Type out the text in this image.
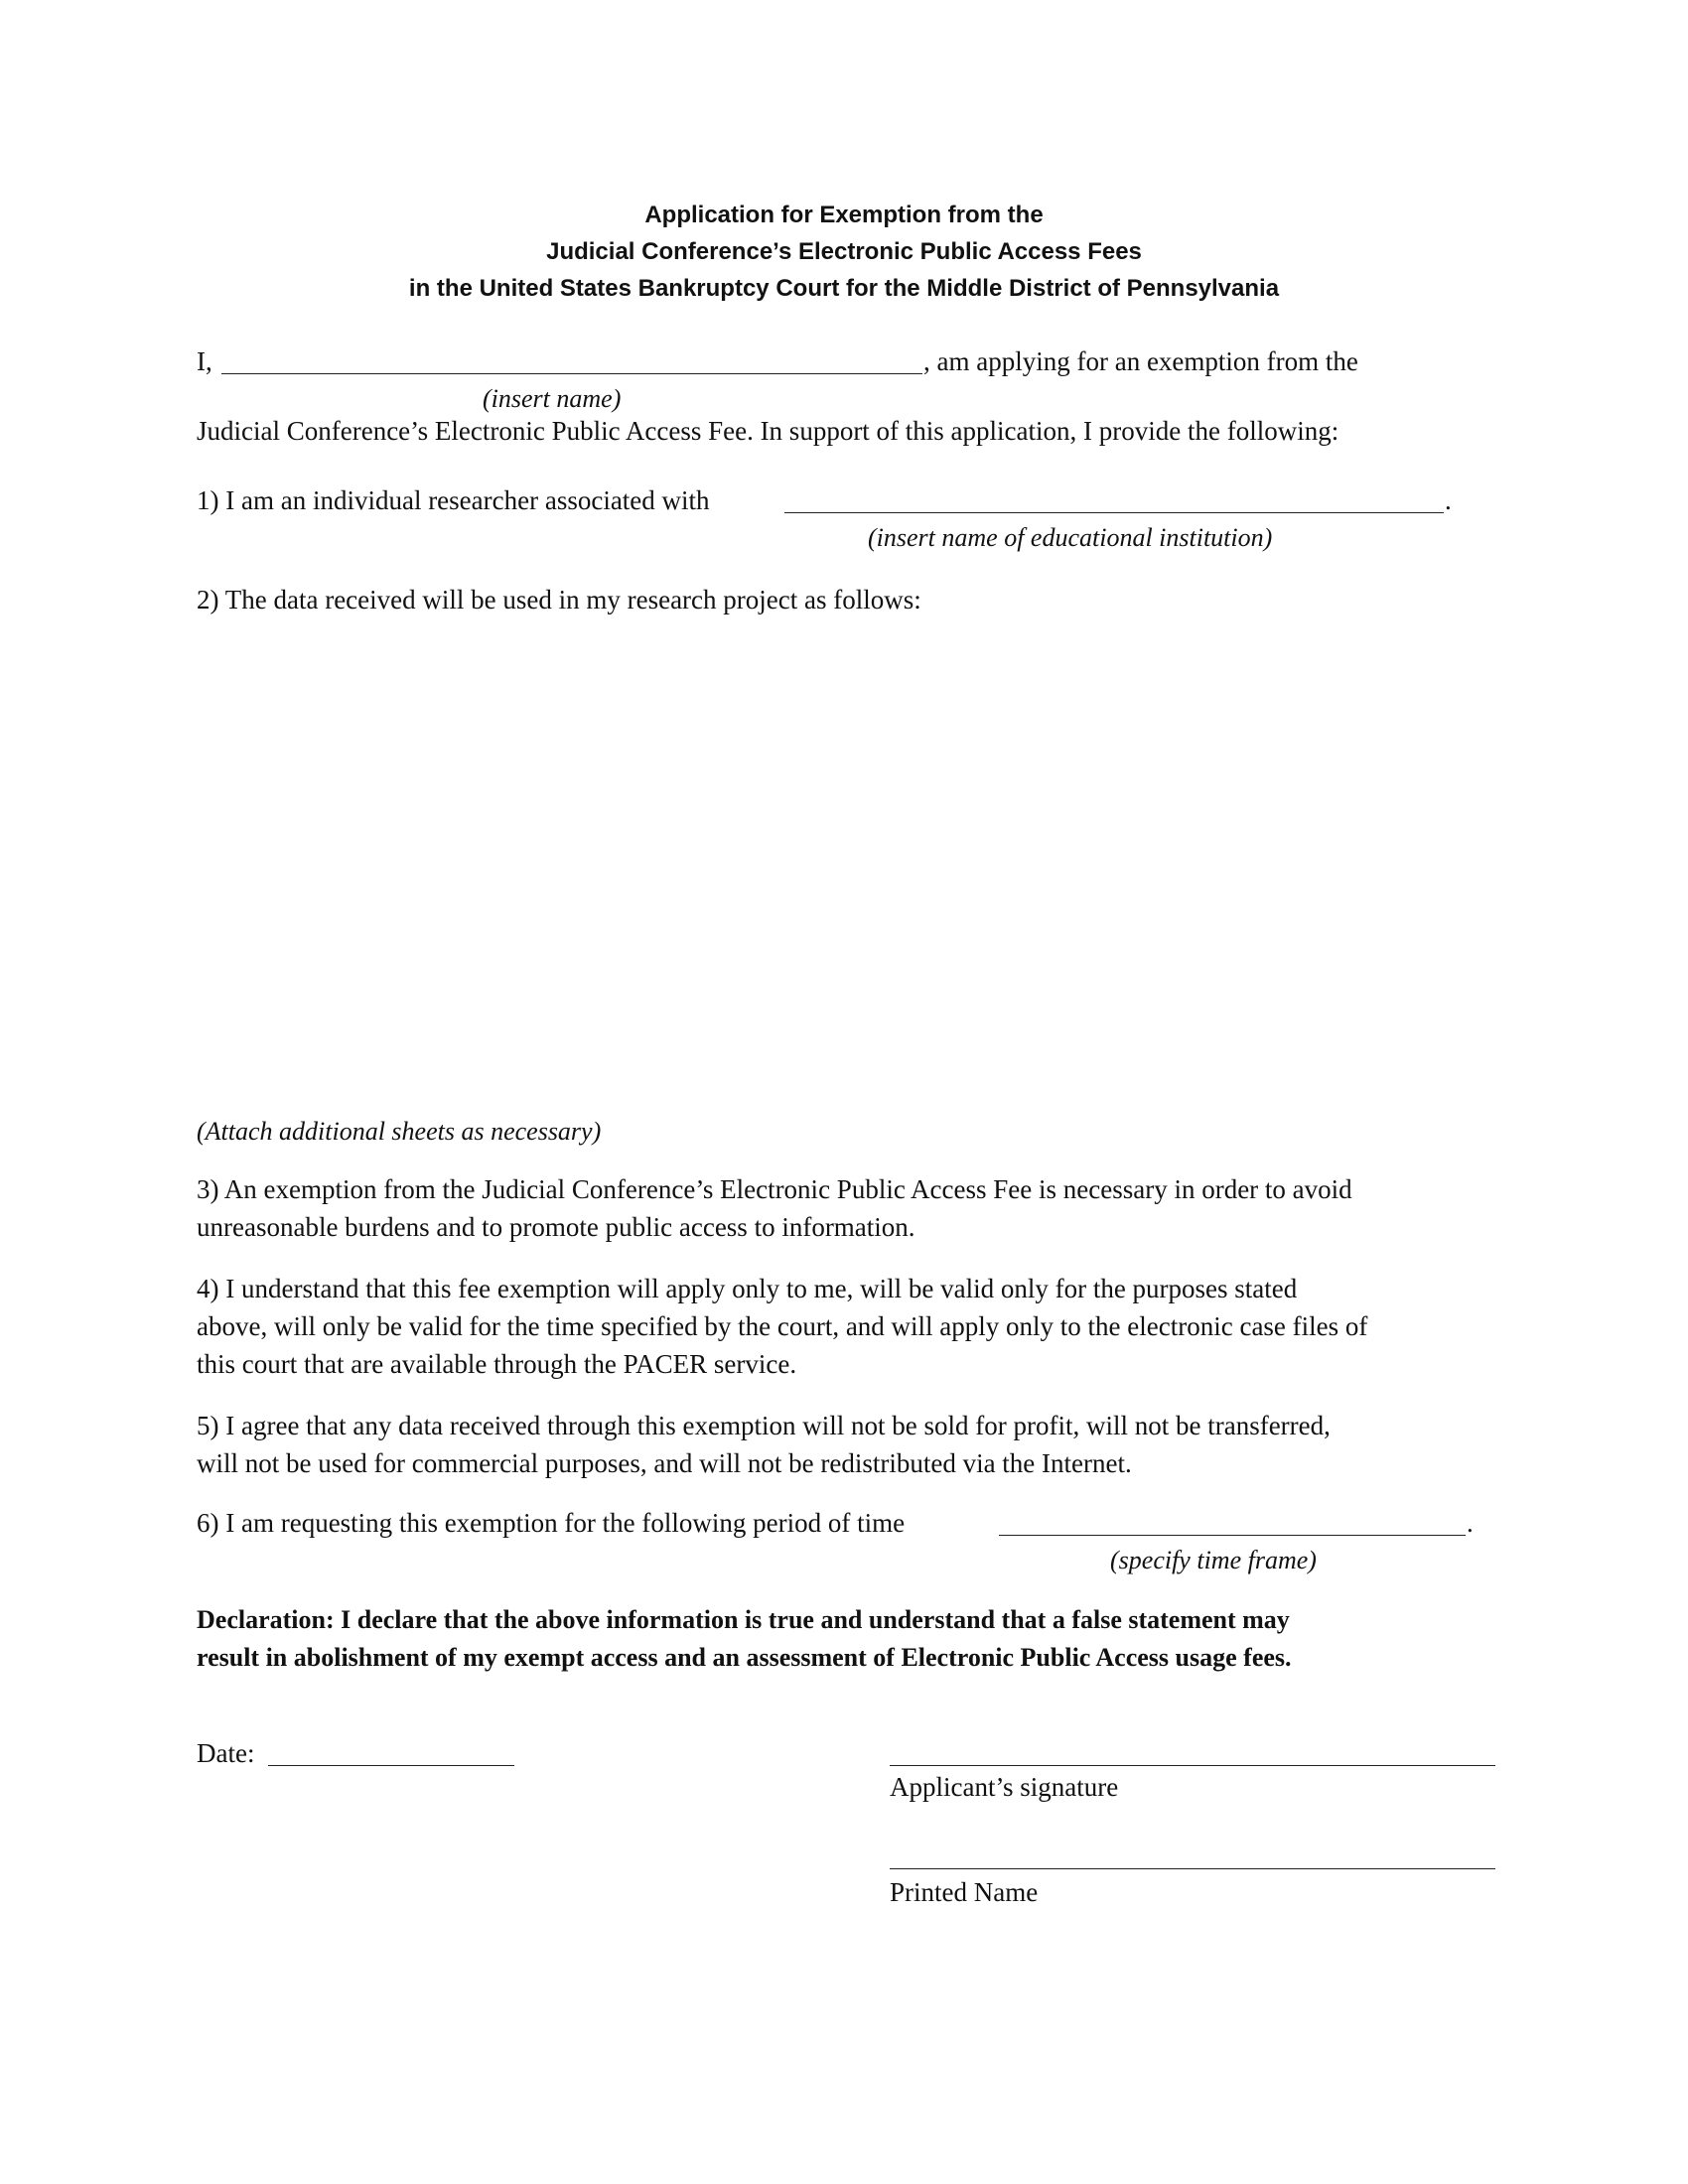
Application for Exemption from the
Judicial Conference’s Electronic Public Access Fees
in the United States Bankruptcy Court for the Middle District of Pennsylvania
I,	, am applying for an exemption from the
(insert name)
Judicial Conference’s Electronic Public Access Fee. In support of this application, I provide the following:
1) I am an individual researcher associated with	.
(insert name of educational institution)
2) The data received will be used in my research project as follows:
(Attach additional sheets as necessary)
3) An exemption from the Judicial Conference’s Electronic Public Access Fee is necessary in order to avoid
unreasonable burdens and to promote public access to information.
4) I understand that this fee exemption will apply only to me, will be valid only for the purposes stated
above, will only be valid for the time specified by the court, and will apply only to the electronic case files of
this court that are available through the PACER service.
5) I agree that any data received through this exemption will not be sold for profit, will not be transferred,
will not be used for commercial purposes, and will not be redistributed via the Internet.
6) I am requesting this exemption for the following period of time	.
(specify time frame)
Declaration: I declare that the above information is true and understand that a false statement may
result in abolishment of my exempt access and an assessment of Electronic Public Access usage fees.
Date:
Applicant’s signature
Printed Name
